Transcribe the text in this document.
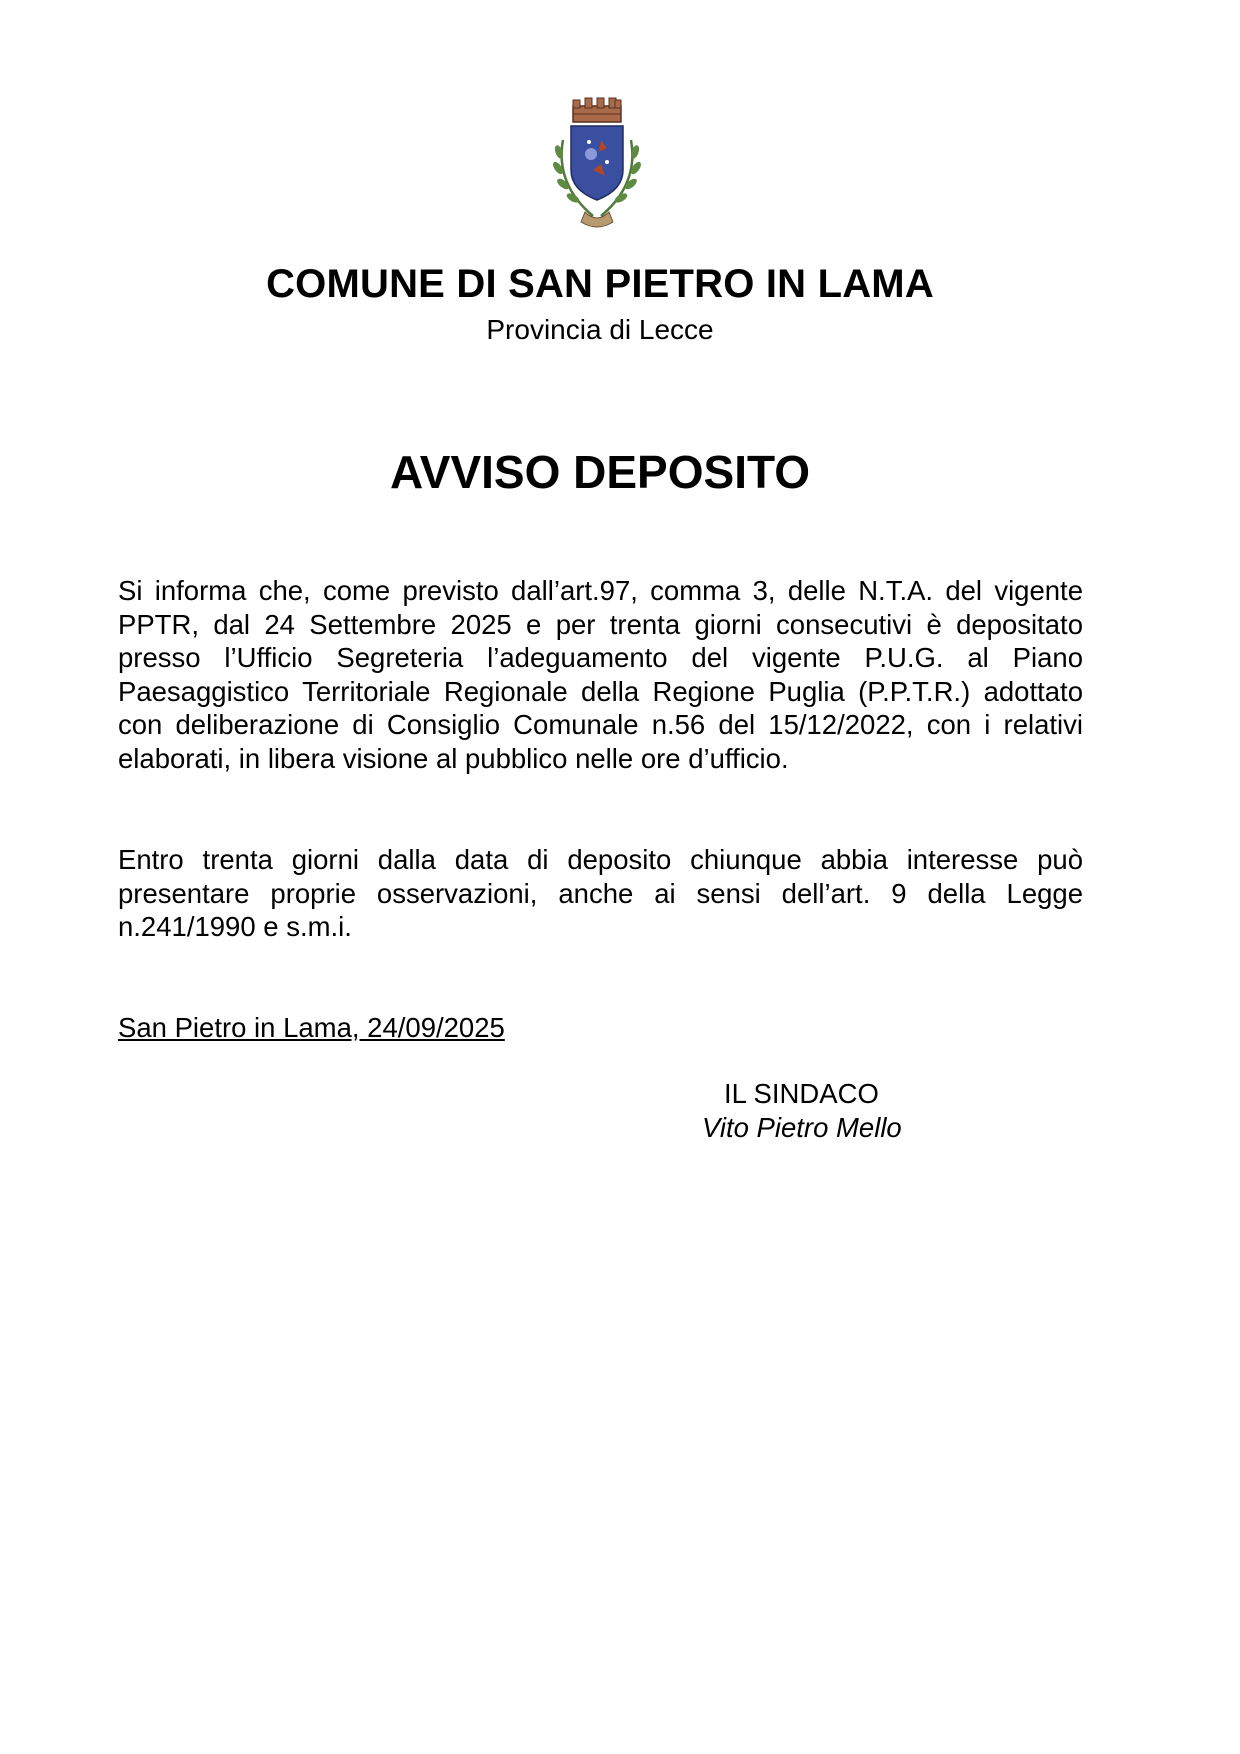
COMUNE DI SAN PIETRO IN LAMA
Provincia di Lecce
AVVISO DEPOSITO

Si informa che, come previsto dall’art.97, comma 3, delle N.T.A. del vigente PPTR, dal 24 Settembre 2025 e per trenta giorni consecutivi è depositato presso l’Ufficio Segreteria l’adeguamento del vigente P.U.G. al Piano Paesaggistico Territoriale Regionale della Regione Puglia (P.P.T.R.) adottato con deliberazione di Consiglio Comunale n.56 del 15/12/2022, con i relativi elaborati, in libera visione al pubblico nelle ore d’ufficio.

Entro trenta giorni dalla data di deposito chiunque abbia interesse può presentare proprie osservazioni, anche ai sensi dell’art. 9 della Legge n.241/1990 e s.m.i.

San Pietro in Lama, 24/09/2025
IL SINDACO
Vito Pietro Mello
